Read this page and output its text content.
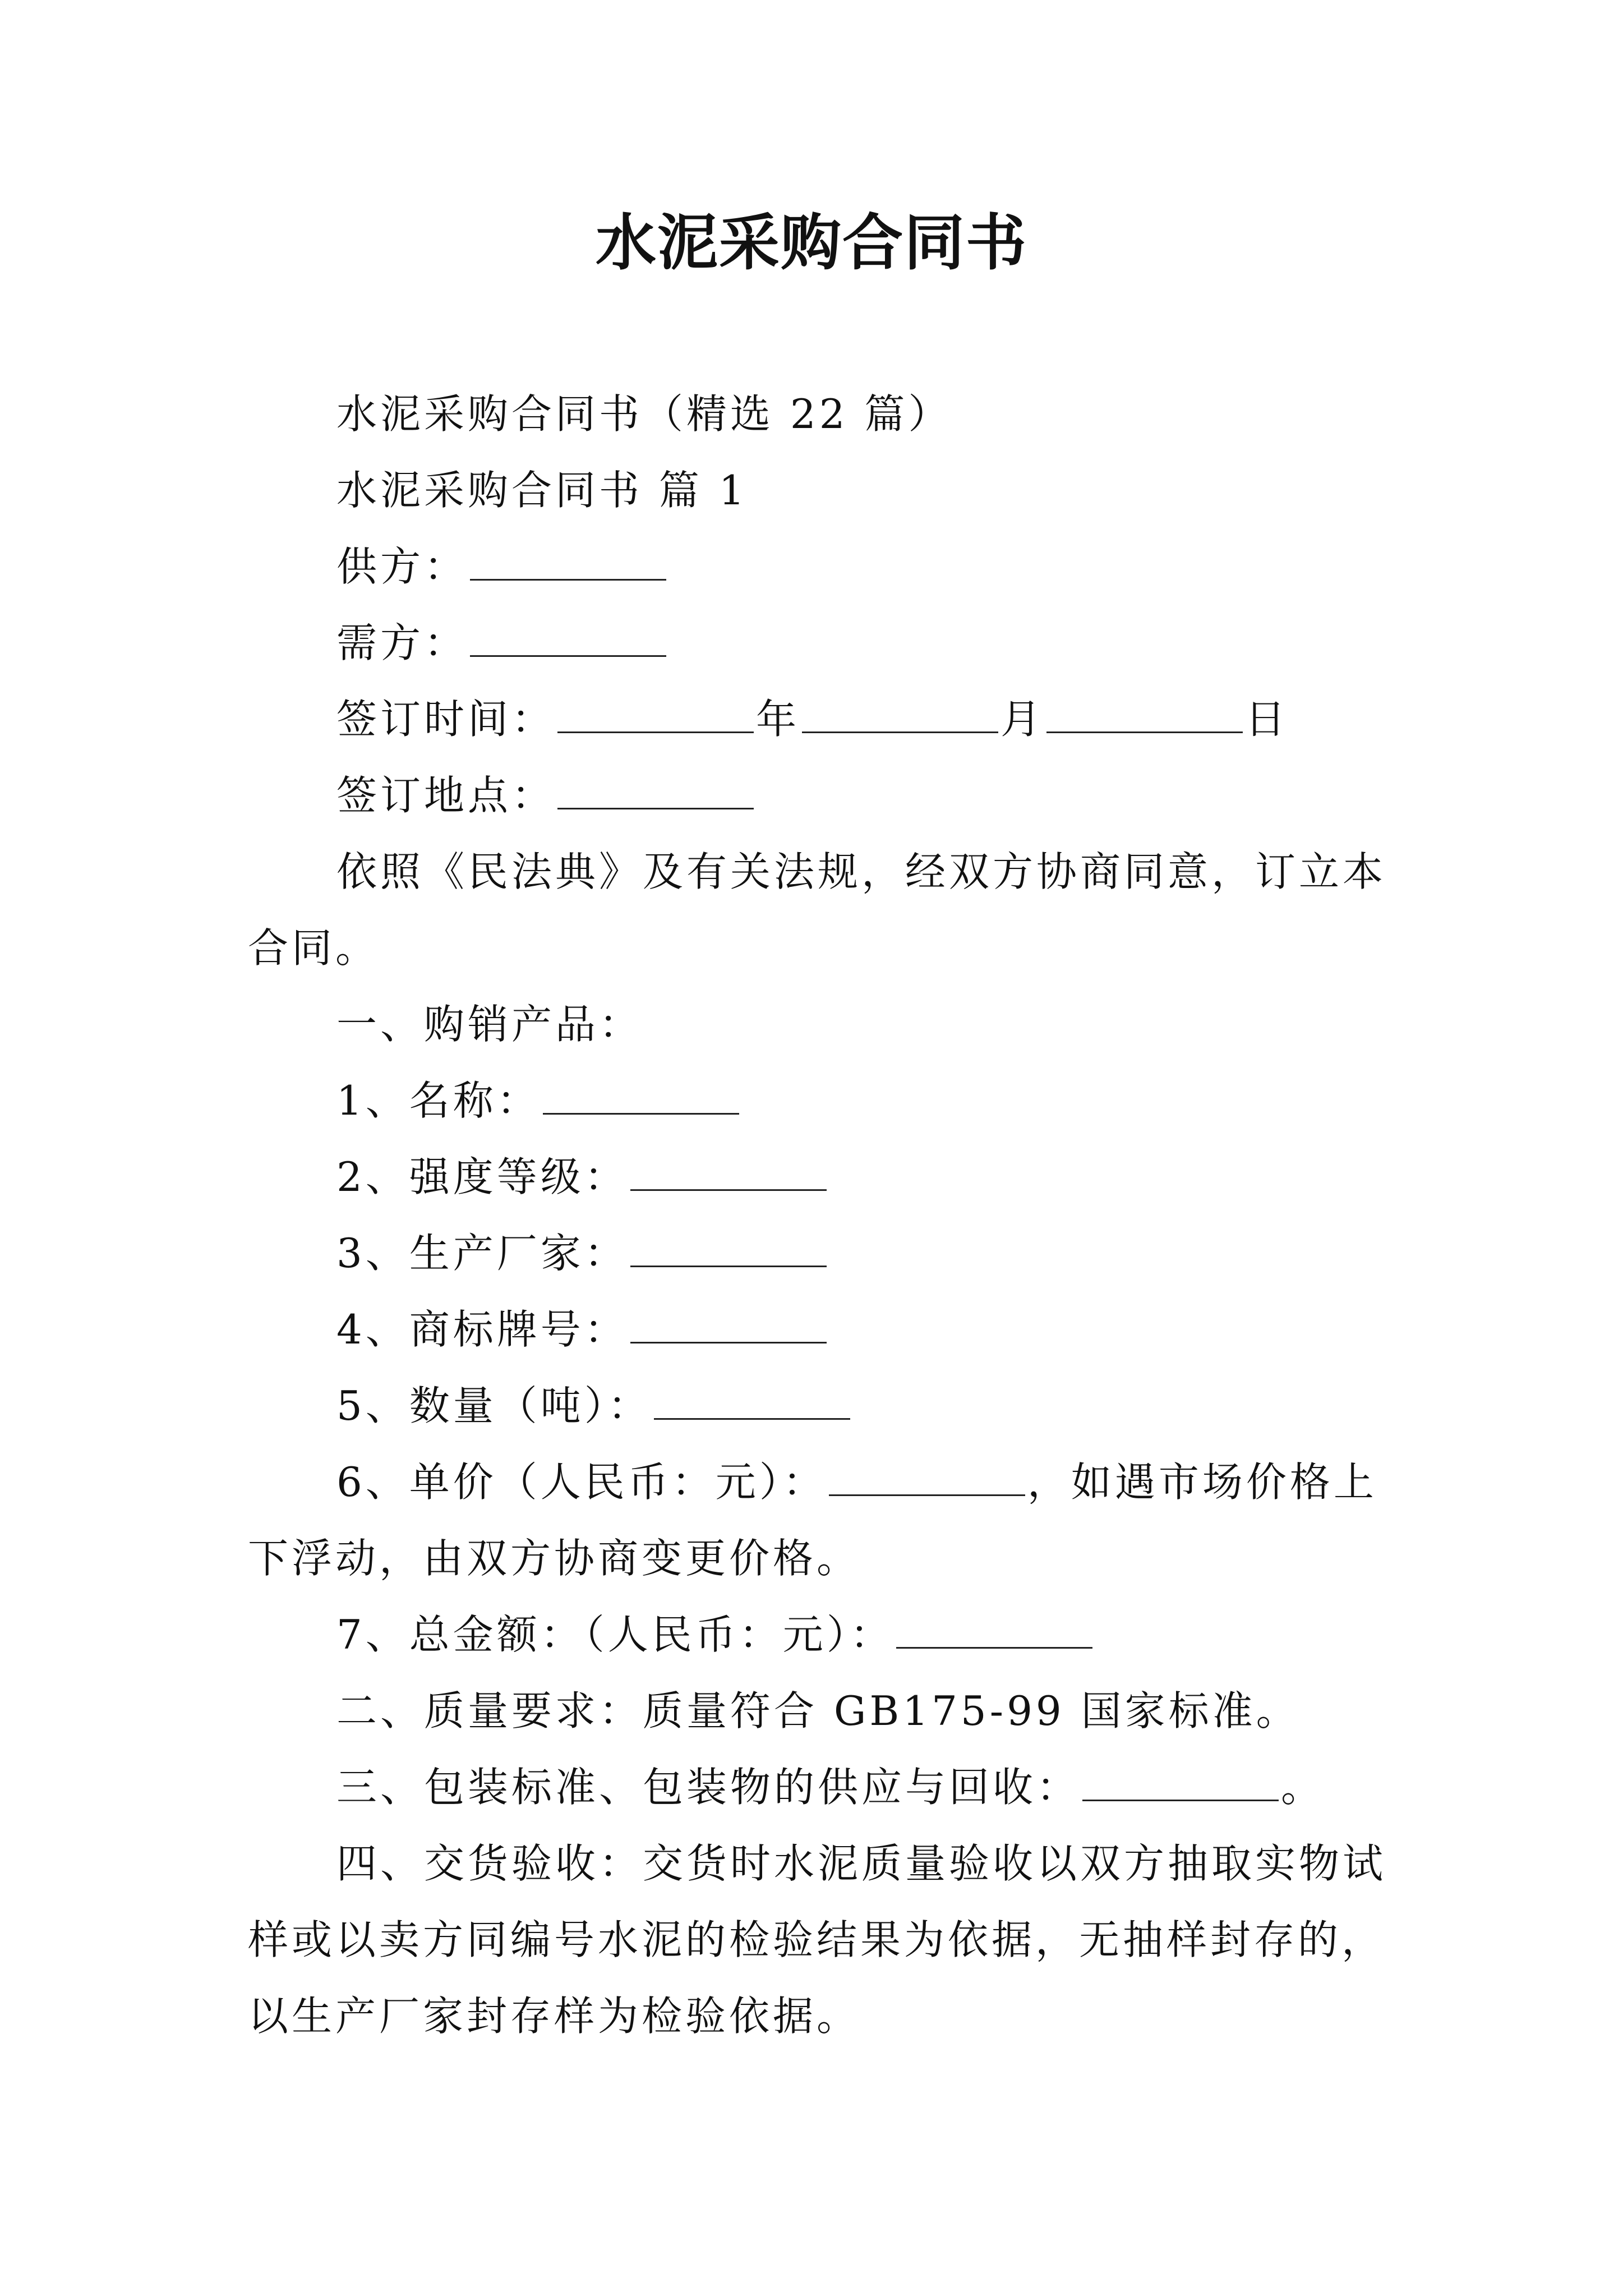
水泥采购合同书
水泥采购合同书（精选 22 篇）
水泥采购合同书 篇 1
供方：
需方：
签订时间：	年	月	日
签订地点：
依照《民法典》及有关法规，经双方协商同意，订立本
合同。
一、购销产品：
1、名称：
2、强度等级：
3、生产厂家：
4、商标牌号：
5、数量（吨）：
6、单价（人民币：元）：	，如遇市场价格上
下浮动，由双方协商变更价格。
7、总金额：（人民币：元）：
二、质量要求：质量符合 GB175-99 国家标准。
三、包装标准、包装物的供应与回收：	。
四、交货验收：交货时水泥质量验收以双方抽取实物试
样或以卖方同编号水泥的检验结果为依据，无抽样封存的，
以生产厂家封存样为检验依据。
